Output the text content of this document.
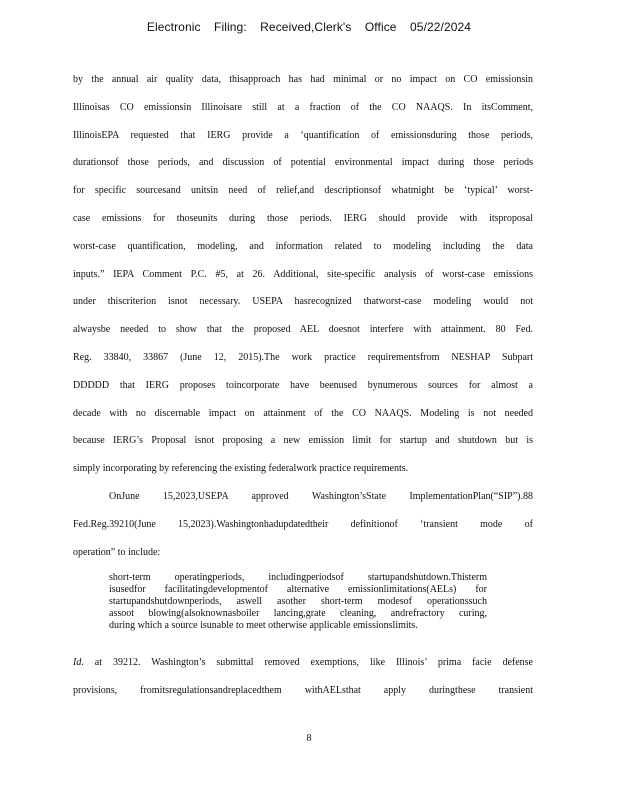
Electronic Filing: Received,Clerk's Office 05/22/2024
by the annual air quality data, thisapproach has had minimal or no impact on CO emissionsin
Illinoisas CO emissionsin Illinoisare still at a fraction of the CO NAAQS. In itsComment,
IllinoisEPA requested that IERG provide a ‘quantification of emissionsduring those periods,
durationsof those periods, and discussion of potential environmental impact during those periods
for specific sourcesand unitsin need of relief,and descriptionsof whatmight be ‘typical’ worst-
case emissions for thoseunits during those periods. IERG should provide with itsproposal
worst-case quantification, modeling, and information related to modeling including the data
inputs.” IEPA Comment P.C. #5, at 26. Additional, site-specific analysis of worst-case emissions
under thiscriterion isnot necessary. USEPA hasrecognized thatworst-case modeling would not
alwaysbe needed to show that the proposed AEL doesnot interfere with attainment. 80 Fed.
Reg. 33840, 33867 (June 12, 2015).The work practice requirementsfrom NESHAP Subpart
DDDDD that IERG proposes toincorporate have beenused bynumerous sources for almost a
decade with no discernable impact on attainment of the CO NAAQS. Modeling is not needed
because IERG’s Proposal isnot proposing a new emission limit for startup and shutdown but is
simply incorporating by referencing the existing federalwork practice requirements.
OnJune 15,2023,USEPA approved Washington’sState ImplementationPlan(“SIP”).88
Fed.Reg.39210(June 15,2023).Washingtonhadupdatedtheir definitionof ‘transient mode of
operation” to include:
short-term operatingperiods, includingperiodsof startupandshutdown.Thisterm
isusedfor facilitatingdevelopmentof alternative emissionlimitations(AELs) for
startupandshutdownperiods, aswell asother short-term modesof operationssuch
assoot blowing(alsoknownasboiler lancing,grate cleaning, andrefractory curing,
during which a source isunable to meet otherwise applicable emissionslimits.
Id. at 39212. Washington’s submittal removed exemptions, like Illinois’ prima facie defense
provisions, fromitsregulationsandreplacedthem withAELsthat apply duringthese transient
8
